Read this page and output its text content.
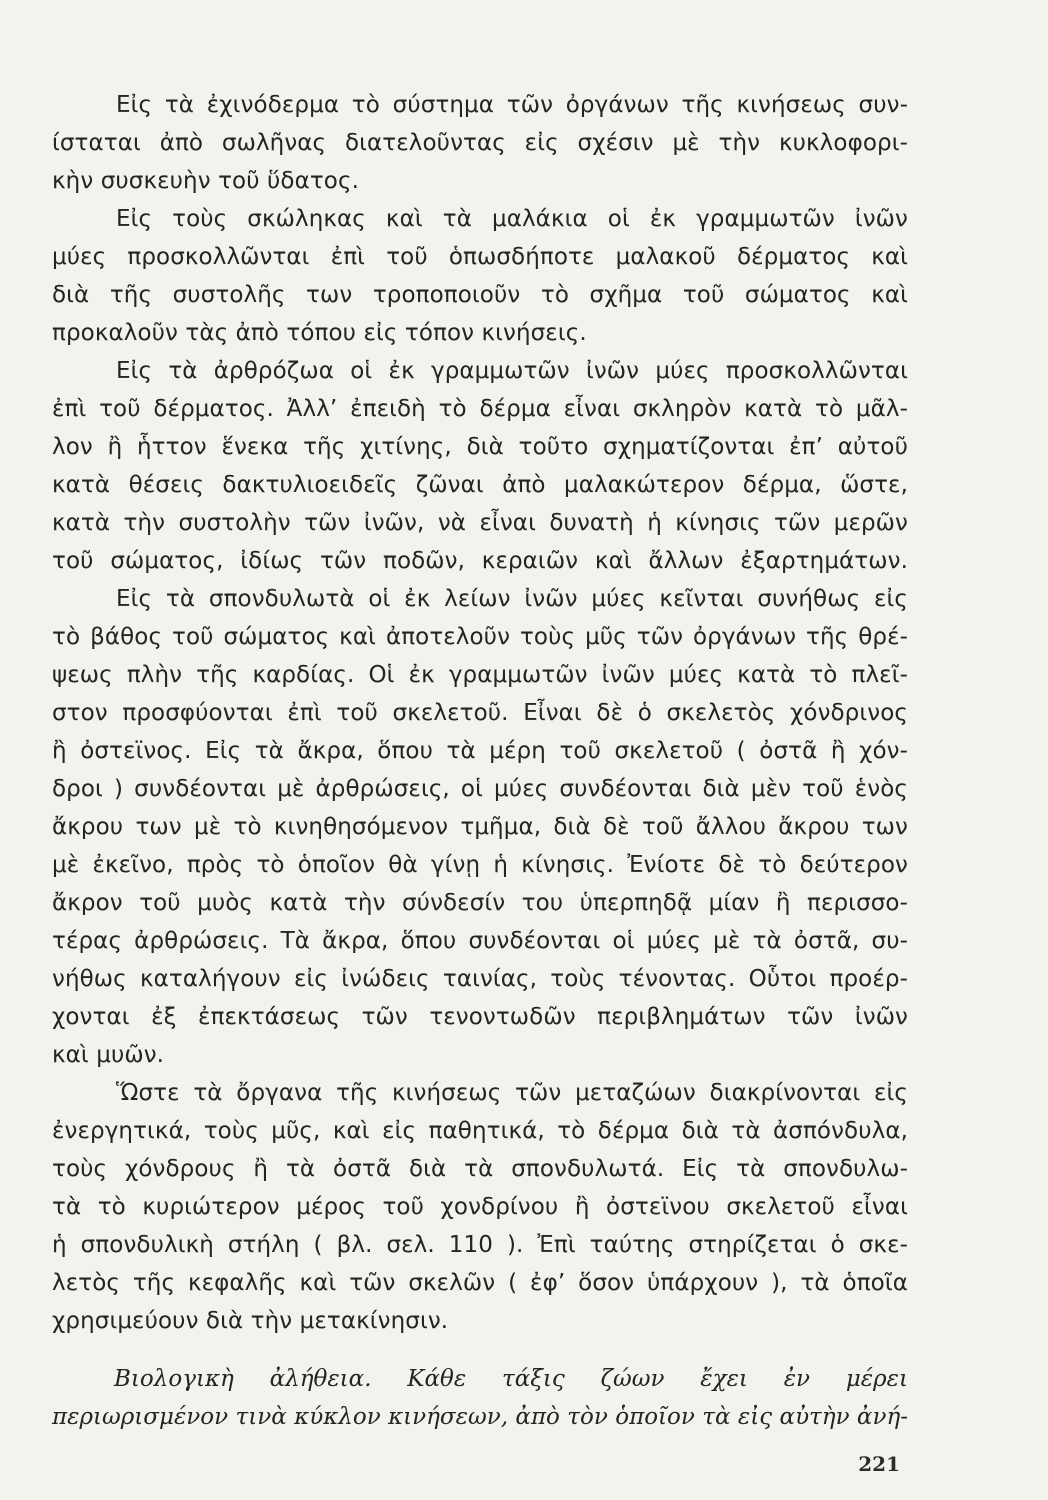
Εἰς τὰ ἐχινόδερμα τὸ σύστημα τῶν ὀργάνων τῆς κινήσεως συν-
ίσταται ἀπὸ σωλῆνας διατελοῦντας εἰς σχέσιν μὲ τὴν κυκλοφορι-
κὴν συσκευὴν τοῦ ὕδατος.
Εἰς τοὺς σκώληκας καὶ τὰ μαλάκια οἱ ἐκ γραμμωτῶν ἰνῶν
μύες προσκολλῶνται ἐπὶ τοῦ ὁπωσδήποτε μαλακοῦ δέρματος καὶ
διὰ τῆς συστολῆς των τροποποιοῦν τὸ σχῆμα τοῦ σώματος καὶ
προκαλοῦν τὰς ἀπὸ τόπου εἰς τόπον κινήσεις.
Εἰς τὰ ἀρθρόζωα οἱ ἐκ γραμμωτῶν ἰνῶν μύες προσκολλῶνται
ἐπὶ τοῦ δέρματος. Ἀλλ’ ἐπειδὴ τὸ δέρμα εἶναι σκληρὸν κατὰ τὸ μᾶλ-
λον ἢ ἧττον ἕνεκα τῆς χιτίνης, διὰ τοῦτο σχηματίζονται ἐπ’ αὐτοῦ
κατὰ θέσεις δακτυλιοειδεῖς ζῶναι ἀπὸ μαλακώτερον δέρμα, ὥστε,
κατὰ τὴν συστολὴν τῶν ἰνῶν, νὰ εἶναι δυνατὴ ἡ κίνησις τῶν μερῶν
τοῦ σώματος, ἰδίως τῶν ποδῶν, κεραιῶν καὶ ἄλλων ἐξαρτημάτων.
Εἰς τὰ σπονδυλωτὰ οἱ ἐκ λείων ἰνῶν μύες κεῖνται συνήθως εἰς
τὸ βάθος τοῦ σώματος καὶ ἀποτελοῦν τοὺς μῦς τῶν ὀργάνων τῆς θρέ-
ψεως πλὴν τῆς καρδίας. Οἱ ἐκ γραμμωτῶν ἰνῶν μύες κατὰ τὸ πλεῖ-
στον προσφύονται ἐπὶ τοῦ σκελετοῦ. Εἶναι δὲ ὁ σκελετὸς χόνδρινος
ἢ ὀστεϊνος. Εἰς τὰ ἄκρα, ὅπου τὰ μέρη τοῦ σκελετοῦ ( ὀστᾶ ἢ χόν-
δροι ) συνδέονται μὲ ἀρθρώσεις, οἱ μύες συνδέονται διὰ μὲν τοῦ ἑνὸς
ἄκρου των μὲ τὸ κινηθησόμενον τμῆμα, διὰ δὲ τοῦ ἄλλου ἄκρου των
μὲ ἐκεῖνο, πρὸς τὸ ὁποῖον θὰ γίνῃ ἡ κίνησις. Ἐνίοτε δὲ τὸ δεύτερον
ἄκρον τοῦ μυὸς κατὰ τὴν σύνδεσίν του ὑπερπηδᾷ μίαν ἢ περισσο-
τέρας ἀρθρώσεις. Τὰ ἄκρα, ὅπου συνδέονται οἱ μύες μὲ τὰ ὀστᾶ, συ-
νήθως καταλήγουν εἰς ἰνώδεις ταινίας, τοὺς τένοντας. Οὗτοι προέρ-
χονται ἐξ ἐπεκτάσεως τῶν τενοντωδῶν περιβλημάτων τῶν ἰνῶν
καὶ μυῶν.
Ὥστε τὰ ὄργανα τῆς κινήσεως τῶν μεταζώων διακρίνονται εἰς
ἐνεργητικά, τοὺς μῦς, καὶ εἰς παθητικά, τὸ δέρμα διὰ τὰ ἀσπόνδυλα,
τοὺς χόνδρους ἢ τὰ ὀστᾶ διὰ τὰ σπονδυλωτά. Εἰς τὰ σπονδυλω-
τὰ τὸ κυριώτερον μέρος τοῦ χονδρίνου ἢ ὀστεϊνου σκελετοῦ εἶναι
ἡ σπονδυλικὴ στήλη ( βλ. σελ. 110 ). Ἐπὶ ταύτης στηρίζεται ὁ σκε-
λετὸς τῆς κεφαλῆς καὶ τῶν σκελῶν ( ἐφ’ ὅσον ὑπάρχουν ), τὰ ὁποῖα
χρησιμεύουν διὰ τὴν μετακίνησιν.
Βιολογικὴ ἀλήθεια. Κάθε τάξις ζώων ἔχει ἐν μέρει
περιωρισμένον τινὰ κύκλον κινήσεων, ἀπὸ τὸν ὁποῖον τὰ εἰς αὐτὴν ἀνή-
221
